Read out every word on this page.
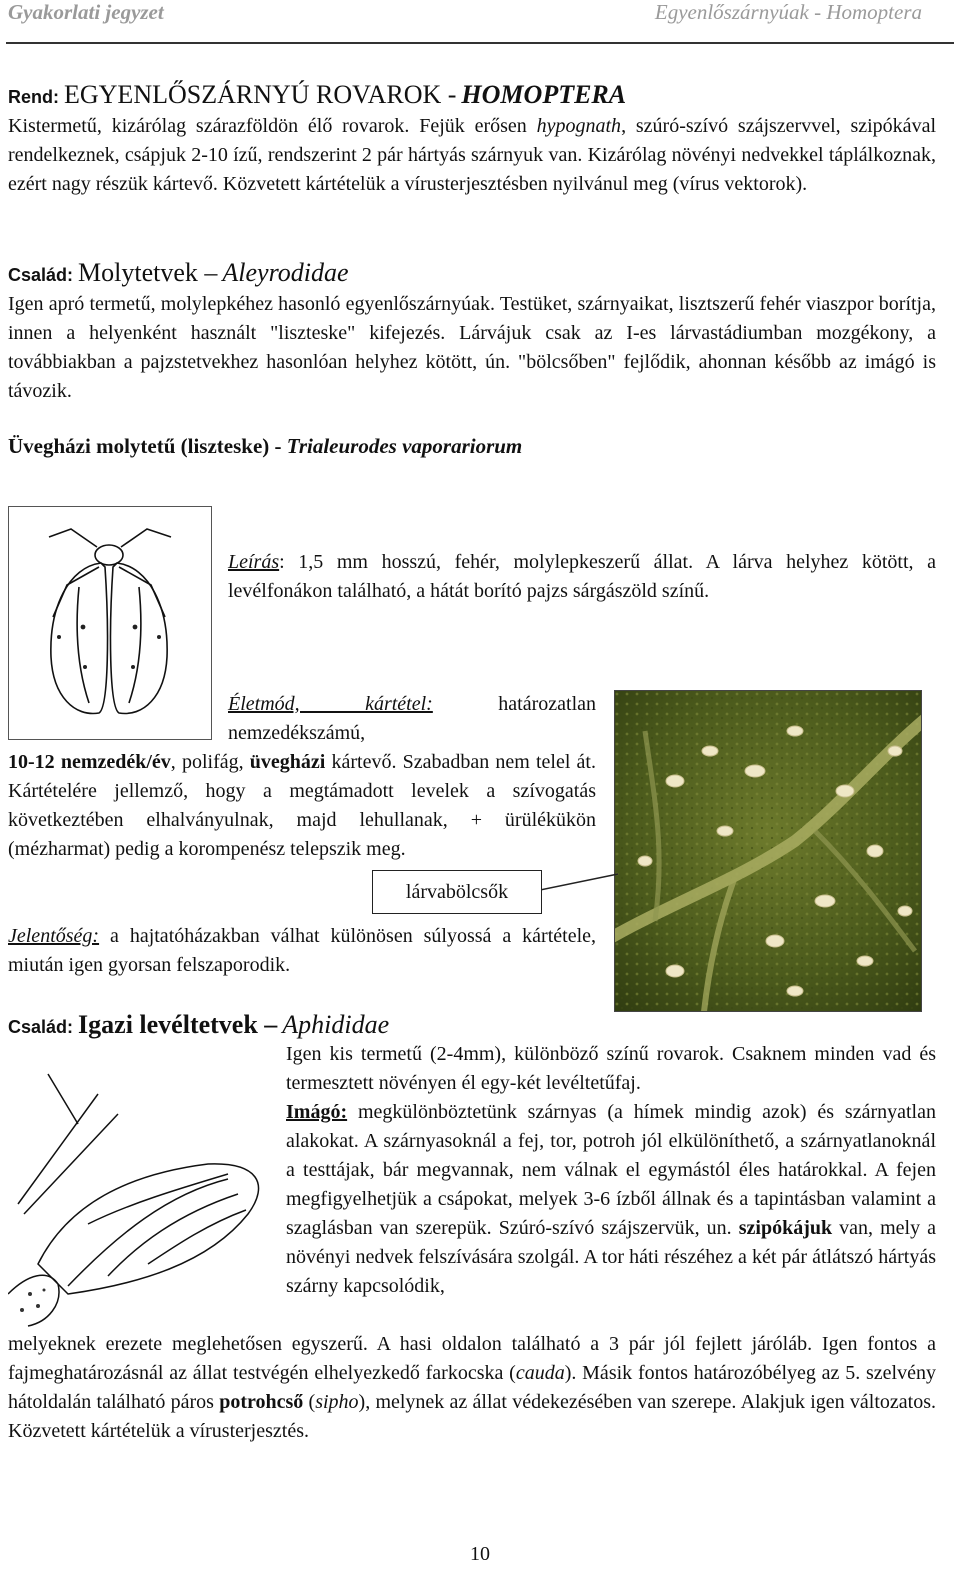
Gyakorlati jegyzet	Egyenlőszárnyúak - Homoptera
Rend: EGYENLŐSZÁRNYÚ ROVAROK - HOMOPTERA

Kistermetű, kizárólag szárazföldön élő rovarok. Fejük erősen hypognath, szúró-szívó szájszervvel, szipókával rendelkeznek, csápjuk 2-10 ízű, rendszerint 2 pár hártyás szárnyuk van. Kizárólag növényi nedvekkel táplálkoznak, ezért nagy részük kártevő. Közvetett kártételük a vírusterjesztésben nyilvánul meg (vírus vektorok).

Család: Molytetvek – Aleyrodidae

Igen apró termetű, molylepkéhez hasonló egyenlőszárnyúak. Testüket, szárnyaikat, lisztszerű fehér viaszpor borítja, innen a helyenként használt "liszteske" kifejezés. Lárvájuk csak az I-es lárvastádiumban mozgékony, a továbbiakban a pajzstetvekhez hasonlóan helyhez kötött, ún. "bölcsőben" fejlődik, ahonnan később az imágó is távozik.

Üvegházi molytetű (liszteske) - Trialeurodes vaporariorum

Leírás: 1,5 mm hosszú, fehér, molylepkeszerű állat. A lárva helyhez kötött, a levélfonákon található, a hátát borító pajzs sárgászöld színű.

Életmód, kártétel: határozatlan nemzedékszámú,

10-12 nemzedék/év, polifág, üvegházi kártevő. Szabadban nem telel át. Kártételére jellemző, hogy a megtámadott levelek a szívogatás következtében elhalványulnak, majd lehullanak, + ürülékükön (mézharmat) pedig a korompenész telepszik meg.

lárvabölcsők

Jelentőség: a hajtatóházakban válhat különösen súlyossá a kártétele, miután igen gyorsan felszaporodik.

Család: Igazi levéltetvek – Aphididae

Igen kis termetű (2-4mm), különböző színű rovarok. Csaknem minden vad és termesztett növényen él egy-két levéltetűfaj.

Imágó: megkülönböztetünk szárnyas (a hímek mindig azok) és szárnyatlan alakokat. A szárnyasoknál a fej, tor, potroh jól elkülöníthető, a szárnyatlanoknál a testtájak, bár megvannak, nem válnak el egymástól éles határokkal. A fejen megfigyelhetjük a csápokat, melyek 3-6 ízből állnak és a tapintásban valamint a szaglásban van szerepük. Szúró-szívó szájszervük, un. szipókájuk van, mely a növényi nedvek felszívására szolgál. A tor háti részéhez a két pár átlátszó hártyás szárny kapcsolódik,

melyeknek erezete meglehetősen egyszerű. A hasi oldalon található a 3 pár jól fejlett járóláb. Igen fontos a fajmeghatározásnál az állat testvégén elhelyezkedő farkocska (cauda). Másik fontos határozóbélyeg az 5. szelvény hátoldalán található páros potrohcső (sipho), melynek az állat védekezésében van szerepe. Alakjuk igen változatos. Közvetett kártételük a vírusterjesztés.

10
